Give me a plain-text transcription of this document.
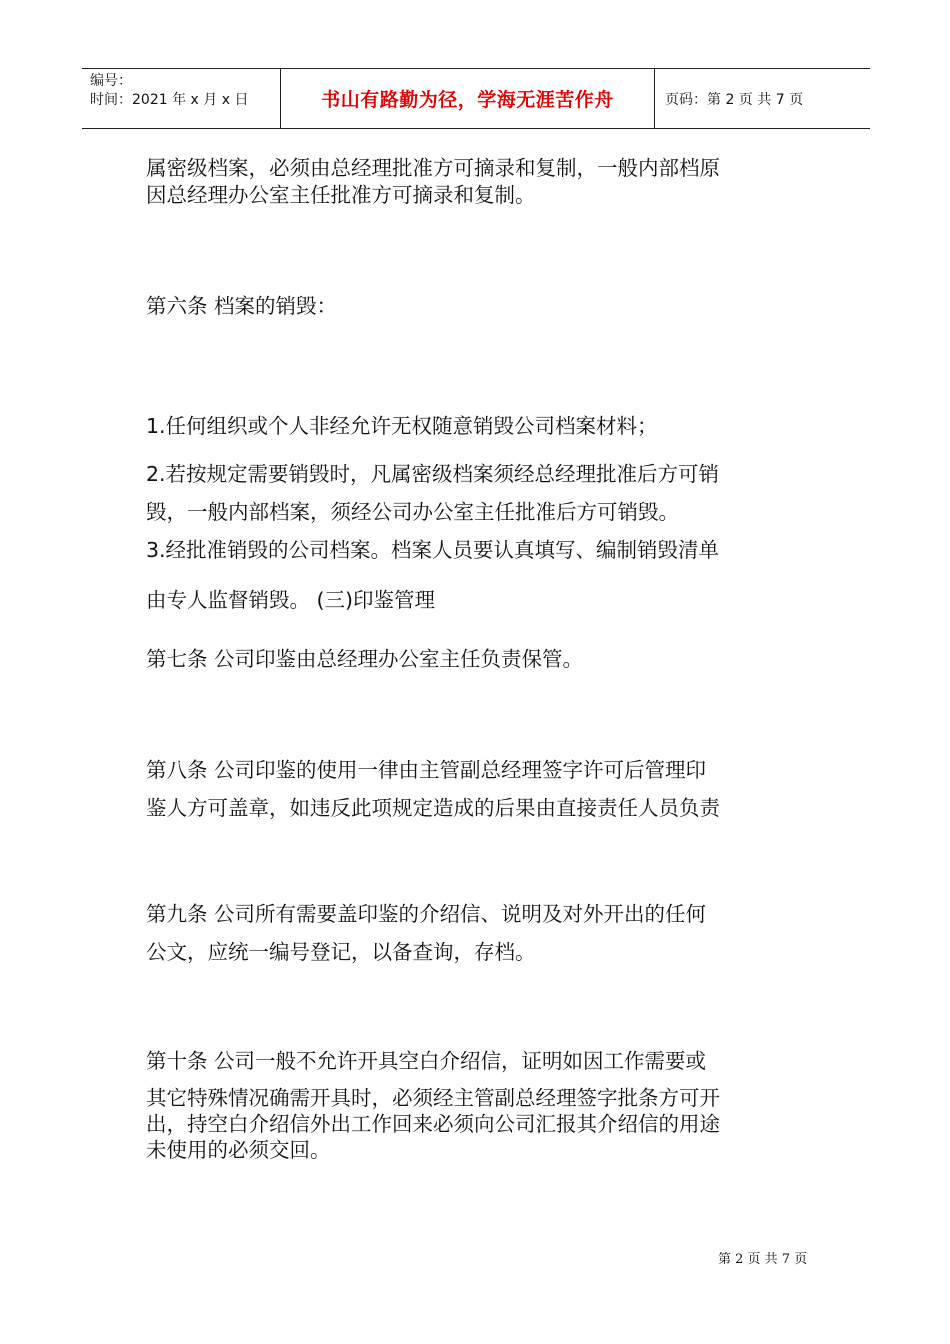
编号：
时间：2021 年 x 月 x 日	书山有路勤为径，学海无涯苦作舟	页码：第 2 页 共 7 页
属密级档案，必须由总经理批准方可摘录和复制，一般内部档原
因总经理办公室主任批准方可摘录和复制。
第六条 档案的销毁：
1.任何组织或个人非经允许无权随意销毁公司档案材料；
2.若按规定需要销毁时，凡属密级档案须经总经理批准后方可销
毁，一般内部档案，须经公司办公室主任批准后方可销毁。
3.经批准销毁的公司档案。档案人员要认真填写、编制销毁清单
由专人监督销毁。 (三)印鉴管理
第七条 公司印鉴由总经理办公室主任负责保管。
第八条 公司印鉴的使用一律由主管副总经理签字许可后管理印
鉴人方可盖章，如违反此项规定造成的后果由直接责任人员负责
第九条 公司所有需要盖印鉴的介绍信、说明及对外开出的任何
公文，应统一编号登记，以备查询，存档。
第十条 公司一般不允许开具空白介绍信，证明如因工作需要或
其它特殊情况确需开具时，必须经主管副总经理签字批条方可开
出，持空白介绍信外出工作回来必须向公司汇报其介绍信的用途
未使用的必须交回。
第 2 页 共 7 页
